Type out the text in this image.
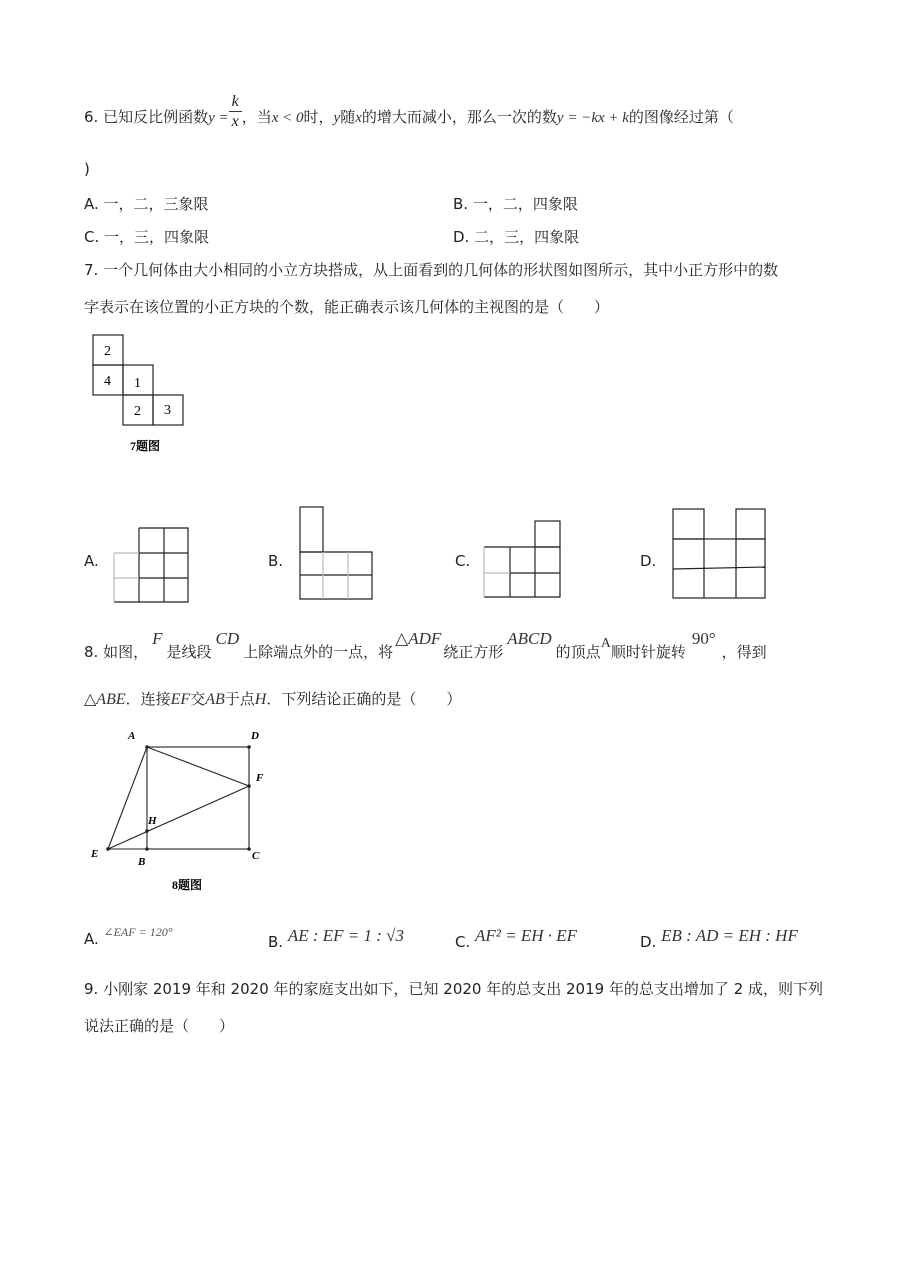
6. 已知反比例函数$y = \frac{k}{x}$ ，当x < 0时，y随x的增大而减小，那么一次的数y = −kx + k的图像经过第（
)
A. 一，二，三象限	B. 一，二，四象限
C. 一，三，四象限	D. 二，三，四象限
7. 一个几何体由大小相同的小立方块搭成，从上面看到的几何体的形状图如图所示，其中小正方形中的数
字表示在该位置的小正方块的个数，能正确表示该几何体的主视图的是（　　）
2
4 1
2 3
7题图
A.	B.	C.	D.
8. 如图，F是线段CD上除端点外的一点，将△ADF绕正方形ABCD的顶点A顺时针旋转90°，得到
△ABE．连接EF交AB于点H．下列结论正确的是（　　）
A	D
F
H
E
B	C
8题图
A. $^{\angle EAF = 120^\circ}$
B. AE : EF = 1 : √3	C. AF² = EH · EF	D. EB : AD = EH : HF
9. 小刚家 2019 年和 2020 年的家庭支出如下，已知 2020 年的总支出 2019 年的总支出增加了 2 成，则下列
说法正确的是（　　）
